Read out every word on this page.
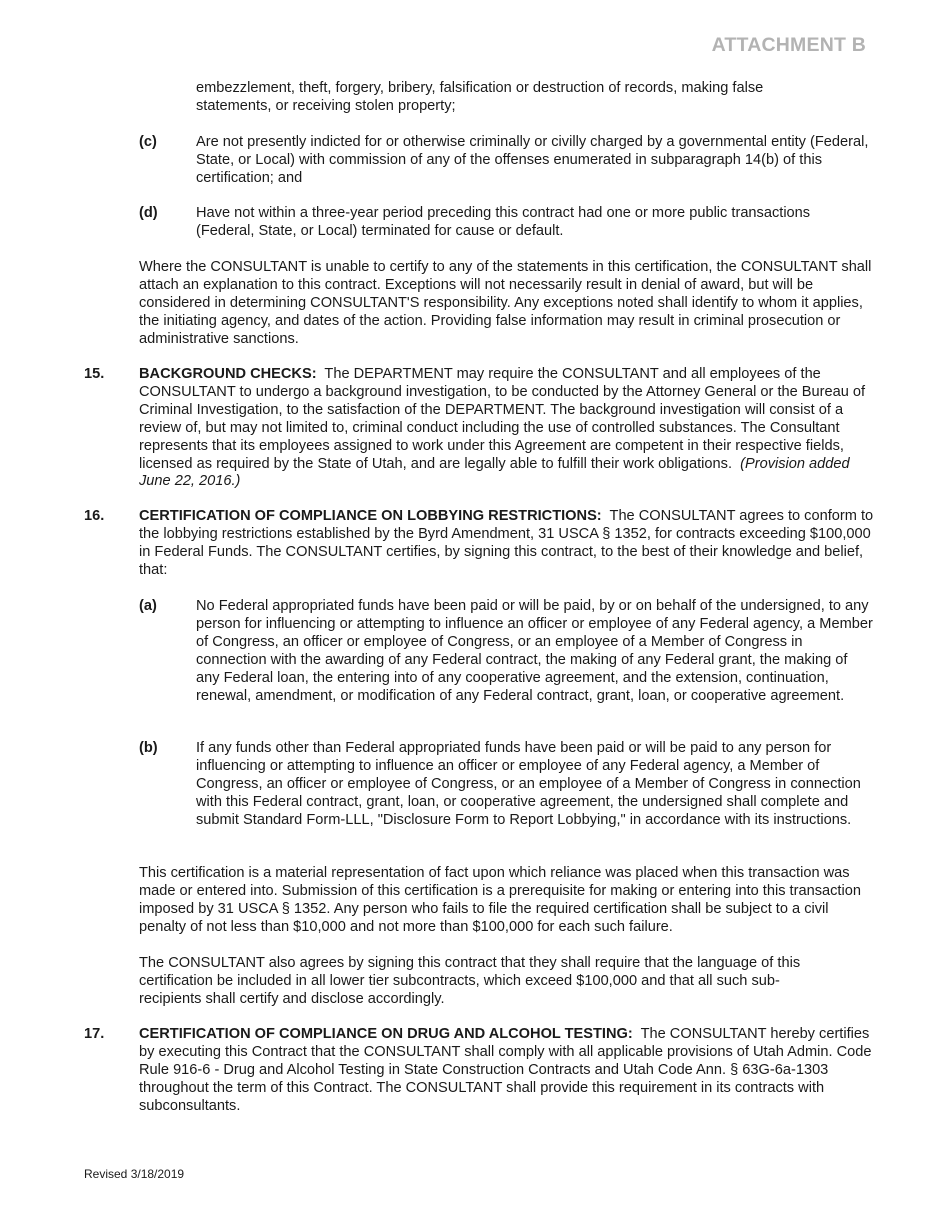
ATTACHMENT B

embezzlement, theft, forgery, bribery, falsification or destruction of records, making false statements, or receiving stolen property;

(c)	Are not presently indicted for or otherwise criminally or civilly charged by a governmental entity (Federal, State, or Local) with commission of any of the offenses enumerated in subparagraph 14(b) of this certification; and

(d)	Have not within a three-year period preceding this contract had one or more public transactions (Federal, State, or Local) terminated for cause or default.

Where the CONSULTANT is unable to certify to any of the statements in this certification, the CONSULTANT shall attach an explanation to this contract. Exceptions will not necessarily result in denial of award, but will be considered in determining CONSULTANT'S responsibility. Any exceptions noted shall identify to whom it applies, the initiating agency, and dates of the action. Providing false information may result in criminal prosecution or administrative sanctions.

15. BACKGROUND CHECKS: The DEPARTMENT may require the CONSULTANT and all employees of the CONSULTANT to undergo a background investigation, to be conducted by the Attorney General or the Bureau of Criminal Investigation, to the satisfaction of the DEPARTMENT. The background investigation will consist of a review of, but may not limited to, criminal conduct including the use of controlled substances. The Consultant represents that its employees assigned to work under this Agreement are competent in their respective fields, licensed as required by the State of Utah, and are legally able to fulfill their work obligations. (Provision added June 22, 2016.)

16. CERTIFICATION OF COMPLIANCE ON LOBBYING RESTRICTIONS: The CONSULTANT agrees to conform to the lobbying restrictions established by the Byrd Amendment, 31 USCA § 1352, for contracts exceeding $100,000 in Federal Funds. The CONSULTANT certifies, by signing this contract, to the best of their knowledge and belief, that:

(a)	No Federal appropriated funds have been paid or will be paid, by or on behalf of the undersigned, to any person for influencing or attempting to influence an officer or employee of any Federal agency, a Member of Congress, an officer or employee of Congress, or an employee of a Member of Congress in connection with the awarding of any Federal contract, the making of any Federal grant, the making of any Federal loan, the entering into of any cooperative agreement, and the extension, continuation, renewal, amendment, or modification of any Federal contract, grant, loan, or cooperative agreement.

(b)	If any funds other than Federal appropriated funds have been paid or will be paid to any person for influencing or attempting to influence an officer or employee of any Federal agency, a Member of Congress, an officer or employee of Congress, or an employee of a Member of Congress in connection with this Federal contract, grant, loan, or cooperative agreement, the undersigned shall complete and submit Standard Form-LLL, "Disclosure Form to Report Lobbying," in accordance with its instructions.

This certification is a material representation of fact upon which reliance was placed when this transaction was made or entered into. Submission of this certification is a prerequisite for making or entering into this transaction imposed by 31 USCA § 1352. Any person who fails to file the required certification shall be subject to a civil penalty of not less than $10,000 and not more than $100,000 for each such failure.

The CONSULTANT also agrees by signing this contract that they shall require that the language of this certification be included in all lower tier subcontracts, which exceed $100,000 and that all such sub-recipients shall certify and disclose accordingly.

17. CERTIFICATION OF COMPLIANCE ON DRUG AND ALCOHOL TESTING: The CONSULTANT hereby certifies by executing this Contract that the CONSULTANT shall comply with all applicable provisions of Utah Admin. Code Rule 916-6 - Drug and Alcohol Testing in State Construction Contracts and Utah Code Ann. § 63G-6a-1303 throughout the term of this Contract. The CONSULTANT shall provide this requirement in its contracts with subconsultants.

Revised 3/18/2019
